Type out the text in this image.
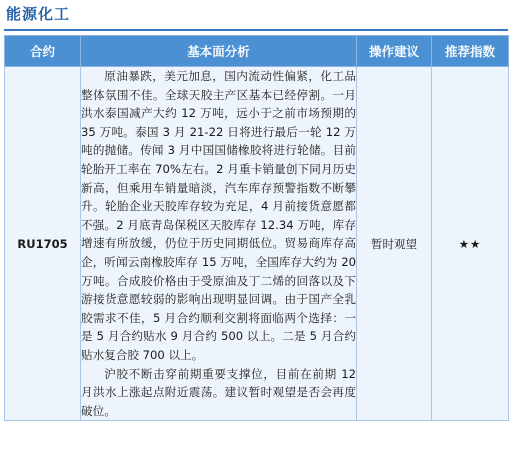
能源化工
合约	基本面分析	操作建议	推荐指数
RU1705	原油暴跌，美元加息，国内流动性偏紧，化工品整体氛围不佳。全球天胶主产区基本已经停割。一月洪水泰国减产大约 12 万吨，远小于之前市场预期的 35 万吨。泰国 3 月 21-22 日将进行最后一轮 12 万吨的抛储。传闻 3 月中国国储橡胶将进行轮储。目前轮胎开工率在 70%左右。2 月重卡销量创下同月历史新高，但乘用车销量暗淡，汽车库存预警指数不断攀升。轮胎企业天胶库存较为充足，4 月前接货意愿都不强。2 月底青岛保税区天胶库存 12.34 万吨，库存增速有所放缓，仍位于历史同期低位。贸易商库存高企，听闻云南橡胶库存 15 万吨，全国库存大约为 20 万吨。合成胶价格由于受原油及丁二烯的回落以及下游接货意愿较弱的影响出现明显回调。由于国产全乳胶需求不佳，5 月合约顺利交割将面临两个选择：一是 5 月合约贴水 9 月合约 500 以上。二是 5 月合约贴水复合胶 700 以上。

沪胶不断击穿前期重要支撑位，目前在前期 12 月洪水上涨起点附近震荡。建议暂时观望是否会再度破位。	暂时观望	★★
